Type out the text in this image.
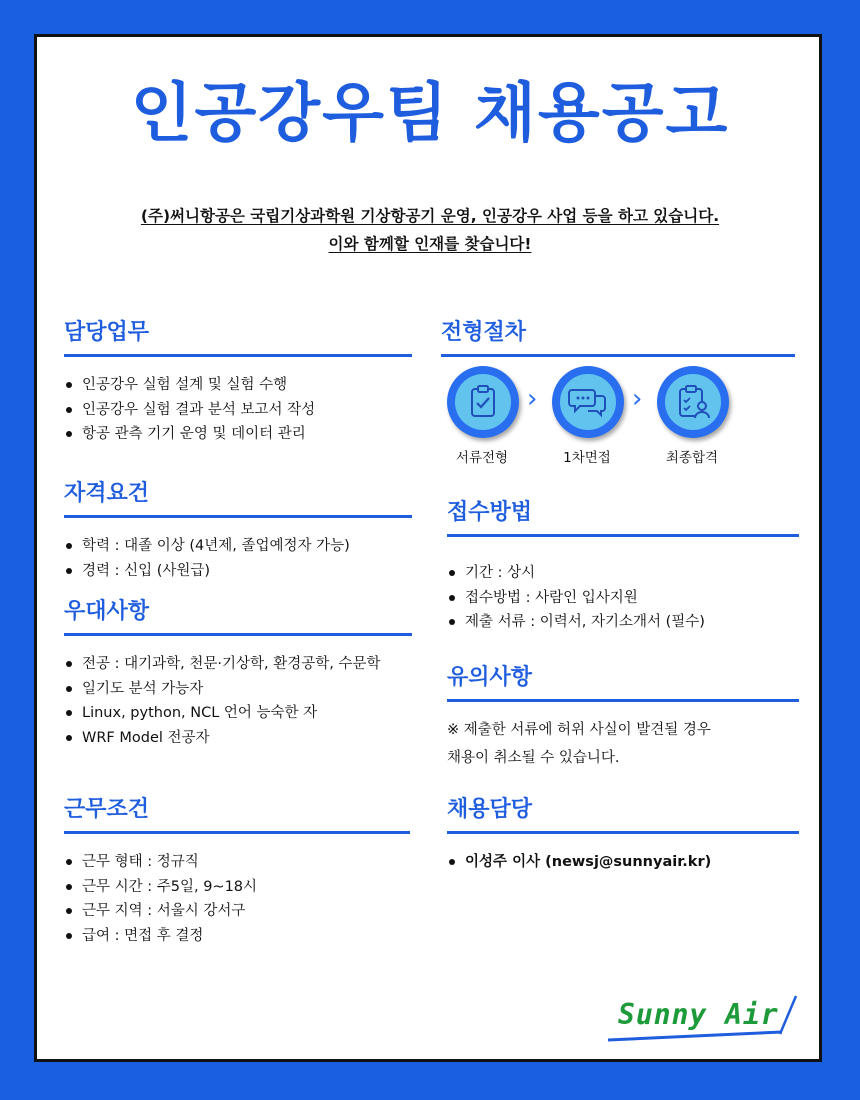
인공강우팀 채용공고
(주)써니항공은 국립기상과학원 기상항공기 운영, 인공강우 사업 등을 하고 있습니다.
이와 함께할 인재를 찾습니다!
담당업무
인공강우 실험 설계 및 실험 수행
인공강우 실험 결과 분석 보고서 작성
항공 관측 기기 운영 및 데이터 관리
자격요건
학력 : 대졸 이상 (4년제, 졸업예정자 가능)
경력 : 신입 (사원급)
우대사항
전공 : 대기과학, 천문·기상학, 환경공학, 수문학
일기도 분석 가능자
Linux, python, NCL 언어 능숙한 자
WRF Model 전공자
근무조건
근무 형태 : 정규직
근무 시간 : 주5일, 9~18시
근무 지역 : 서울시 강서구
급여 : 면접 후 결정
전형절차
›	›
서류전형	1차면접	최종합격
접수방법
기간 : 상시
접수방법 : 사람인 입사지원
제출 서류 : 이력서, 자기소개서 (필수)
유의사항
※ 제출한 서류에 허위 사실이 발견될 경우
채용이 취소될 수 있습니다.
채용담당
이성주 이사 (newsj@sunnyair.kr)
Sunny Air
